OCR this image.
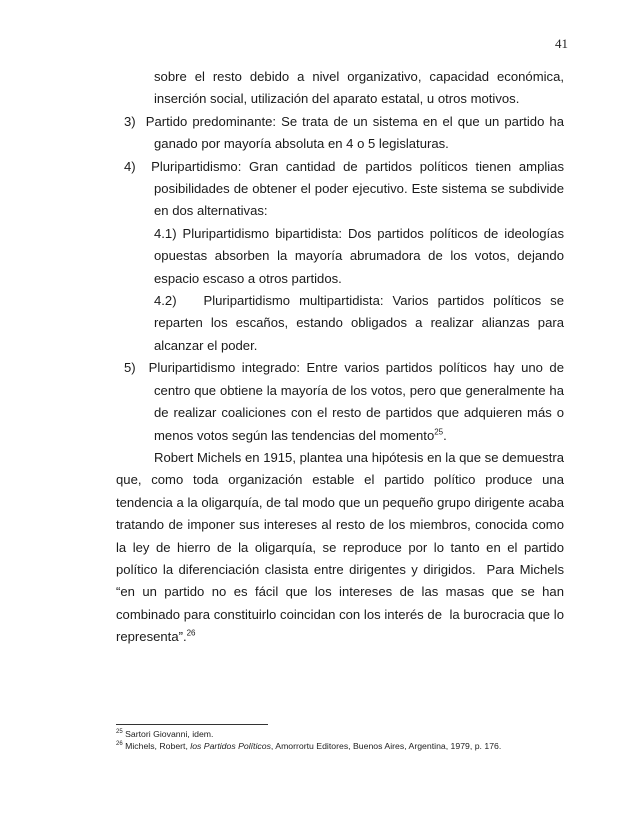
41

sobre el resto debido a nivel organizativo, capacidad económica, inserción social, utilización del aparato estatal, u otros motivos.

3)  Partido predominante: Se trata de un sistema en el que un partido ha ganado por mayoría absoluta en 4 o 5 legislaturas.

4)  Pluripartidismo: Gran cantidad de partidos políticos tienen amplias posibilidades de obtener el poder ejecutivo. Este sistema se subdivide en dos alternativas:

4.1) Pluripartidismo bipartidista: Dos partidos políticos de ideologías opuestas absorben la mayoría abrumadora de los votos, dejando espacio escaso a otros partidos.

4.2)   Pluripartidismo multipartidista: Varios partidos políticos se reparten los escaños, estando obligados a realizar alianzas para alcanzar el poder.

5)  Pluripartidismo integrado: Entre varios partidos políticos hay uno de centro que obtiene la mayoría de los votos, pero que generalmente ha de realizar coaliciones con el resto de partidos que adquieren más o menos votos según las tendencias del momento$^{25}$.

Robert Michels en 1915, plantea una hipótesis en la que se demuestra que, como toda organización estable el partido político produce una tendencia a la oligarquía, de tal modo que un pequeño grupo dirigente acaba tratando de imponer sus intereses al resto de los miembros, conocida como la ley de hierro de la oligarquía, se reproduce por lo tanto en el partido político la diferenciación clasista entre dirigentes y dirigidos.  Para Michels “en un partido no es fácil que los intereses de las masas que se han combinado para constituirlo coincidan con los interés de  la burocracia que lo representa”.$^{26}$

$^{25}$ Sartori Giovanni, idem.

$^{26}$ Michels, Robert, los Partidos Políticos, Amorrortu Editores, Buenos Aires, Argentina, 1979, p. 176.
